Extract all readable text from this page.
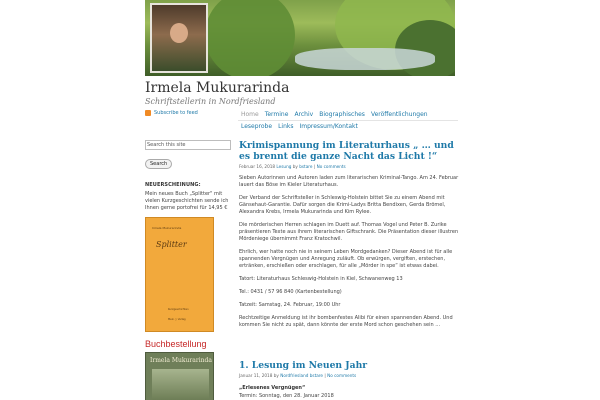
Irmela Mukurarinda
Schriftstellerin in Nordfriesland
Subscribe to feed	Home	Termine	Archiv	Biographisches	Veröffentlichungen
Leseprobe	Links	Impressum/Kontakt
Search this site
Search
NEUERSCHEINUNG:
Mein neues Buch „Splitter" mit vielen Kurzgeschichten sende ich Ihnen gerne portofrei für 14,95 €
Irmela Mukurarinda
Splitter
Kurzgeschichten
Mein ○ Verlag
Buchbestellung
Irmela Mukurarinda
Krimispannung im Literaturhaus „ … und es brennt die ganze Nacht das Licht !“
Februar 16, 2018 Lesung by bstare | No comments

Sieben Autorinnen und Autoren laden zum literarischen Kriminal-Tango. Am 24. Februar lauert das Böse im Kieler Literaturhaus.

Der Verband der Schriftsteller in Schleswig-Holstein bittet Sie zu einem Abend mit Gänsehaut-Garantie. Dafür sorgen die Krimi-Ladys Britta Bendixen, Gerda Brömel, Alexandra Krebs, Irmela Mukurarinda und Kim Rylee.

Die mörderischen Herren schlagen im Duett auf. Thomas Vogel und Peter B. Zurike präsentieren Texte aus ihrem literarischen Giftschrank. Die Präsentation dieser illustren Mördeniege übernimmt Franz Kratochwil.

Ehrlich, wer hatte noch nie in seinem Leben Mordgedanken? Dieser Abend ist für alle spannenden Vergnügen und Anregung zuläuft. Ob erwürgen, vergiften, erstechen, ertränken, erschießen oder erschlagen, für alle „Mörder in spe“ ist etwas dabei.

Tatort: Literaturhaus Schleswig-Holstein in Kiel, Schwanenweg 13

Tel.: 0431 / 57 96 840 (Kartenbestellung)

Tatzeit: Samstag, 24. Februar, 19:00 Uhr

Rechtzeitige Anmeldung ist ihr bombenfestes Alibi für einen spannenden Abend. Und kommen Sie nicht zu spät, dann könnte der erste Mord schon geschehen sein …

1. Lesung im Neuen Jahr
Januar 11, 2018 by Nordfriesland bstare | No comments

„Erlesenes Vergnügen“

Termin: Sonntag, den 28. Januar 2018
